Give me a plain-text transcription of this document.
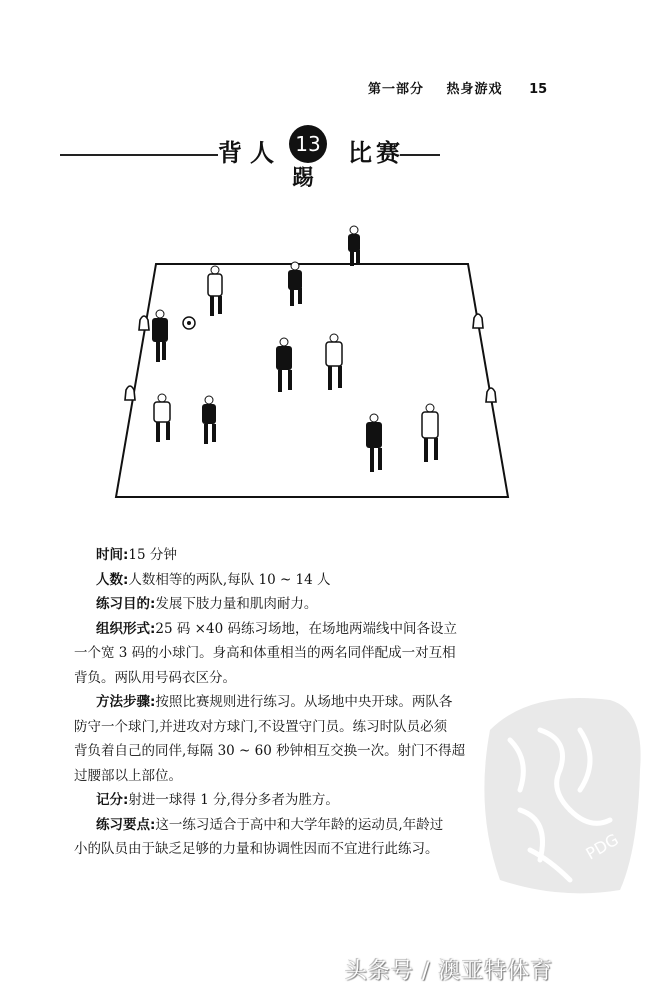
第一部分 热身游戏 15
背 人	13
踢
比 赛

时间:15 分钟

人数:人数相等的两队,每队 10 ~ 14 人

练习目的:发展下肢力量和肌肉耐力。

组织形式:25 码 ×40 码练习场地，在场地两端线中间各设立
一个宽 3 码的小球门。身高和体重相当的两名同伴配成一对互相
背负。两队用号码衣区分。

方法步骤:按照比赛规则进行练习。从场地中央开球。两队各
防守一个球门,并进攻对方球门,不设置守门员。练习时队员必须
背负着自己的同伴,每隔 30 ~ 60 秒钟相互交换一次。射门不得超
过腰部以上部位。

记分:射进一球得 1 分,得分多者为胜方。

练习要点:这一练习适合于高中和大学年龄的运动员,年龄过
小的队员由于缺乏足够的力量和协调性因而不宜进行此练习。	PDG
头条号 / 澳亚特体育
